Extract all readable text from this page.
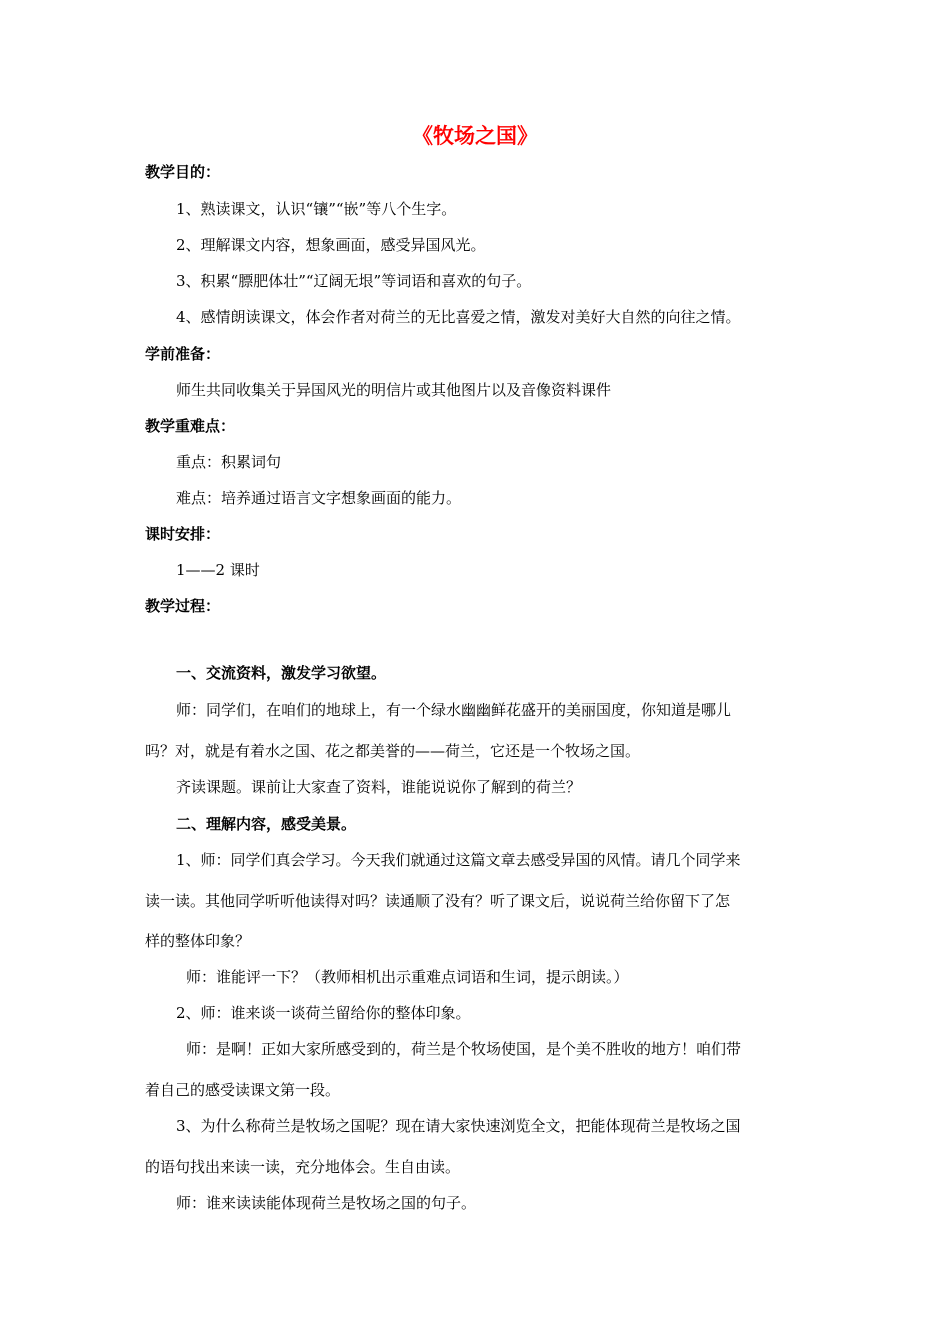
《牧场之国》
教学目的：
1、熟读课文，认识“镶”“嵌”等八个生字。
2、理解课文内容，想象画面，感受异国风光。
3、积累“膘肥体壮”“辽阔无垠”等词语和喜欢的句子。
4、感情朗读课文，体会作者对荷兰的无比喜爱之情，激发对美好大自然的向往之情。
学前准备：
师生共同收集关于异国风光的明信片或其他图片以及音像资料课件
教学重难点：
重点：积累词句
难点：培养通过语言文字想象画面的能力。
课时安排：
1——2 课时
教学过程：
一、交流资料，激发学习欲望。
师：同学们，在咱们的地球上，有一个绿水幽幽鲜花盛开的美丽国度，你知道是哪儿
吗？对，就是有着水之国、花之都美誉的——荷兰，它还是一个牧场之国。
齐读课题。课前让大家查了资料，谁能说说你了解到的荷兰？
二、理解内容，感受美景。
1、师：同学们真会学习。今天我们就通过这篇文章去感受异国的风情。请几个同学来
读一读。其他同学听听他读得对吗？读通顺了没有？听了课文后，说说荷兰给你留下了怎
样的整体印象？
师：谁能评一下？（教师相机出示重难点词语和生词，提示朗读。）
2、师：谁来谈一谈荷兰留给你的整体印象。
师：是啊！正如大家所感受到的，荷兰是个牧场使国，是个美不胜收的地方！咱们带
着自己的感受读课文第一段。
3、为什么称荷兰是牧场之国呢？现在请大家快速浏览全文，把能体现荷兰是牧场之国
的语句找出来读一读，充分地体会。生自由读。
师：谁来读读能体现荷兰是牧场之国的句子。
